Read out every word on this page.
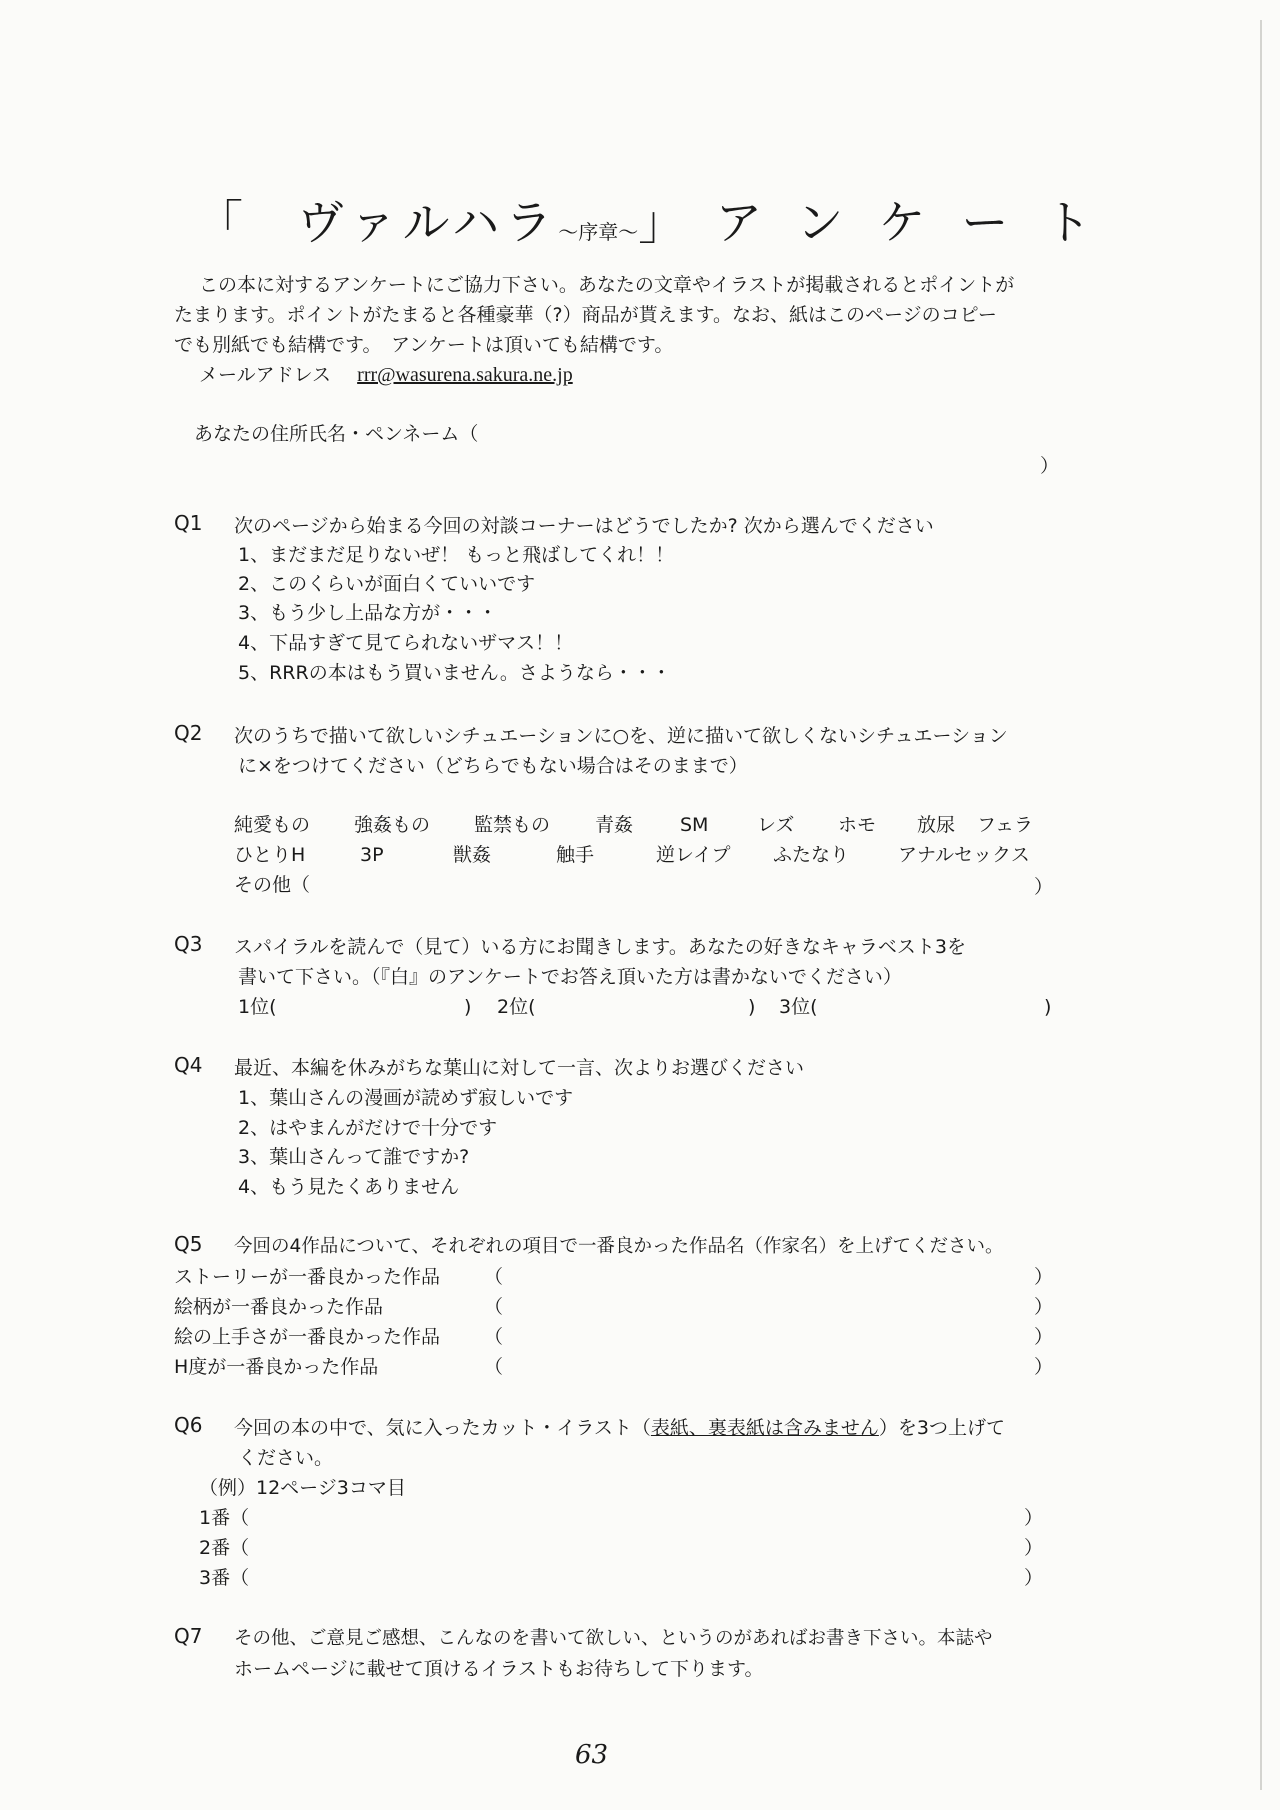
「 ヴァルハラ～序章～」 アンケート
この本に対するアンケートにご協力下さい。あなたの文章やイラストが掲載されるとポイントが
たまります。ポイントがたまると各種豪華（?）商品が貰えます。なお、紙はこのページのコピー
でも別紙でも結構です。　アンケートは頂いても結構です。
メールアドレス rrr@wasurena.sakura.ne.jp
あなたの住所氏名・ペンネーム（
）
Q1 次のページから始まる今回の対談コーナーはどうでしたか? 次から選んでください
1、まだまだ足りないぜ！ もっと飛ばしてくれ！！
2、このくらいが面白くていいです
3、もう少し上品な方が・・・
4、下品すぎて見てられないザマス！！
5、RRRの本はもう買いません。さようなら・・・
Q2 次のうちで描いて欲しいシチュエーションに○を、逆に描いて欲しくないシチュエーション
に×をつけてください（どちらでもない場合はそのままで）
純愛もの 強姦もの 監禁もの 青姦 SM	レズ ホモ 放尿 フェラ
ひとりH	3P	獣姦	触手	逆レイプ ふたなり	アナルセックス
その他（	）
Q3 スパイラルを読んで（見て）いる方にお聞きします。あなたの好きなキャラベスト3を
書いて下さい。（『白』のアンケートでお答え頂いた方は書かないでください）
1位(	) 2位(	) 3位(	)
Q4 最近、本編を休みがちな葉山に対して一言、次よりお選びください
1、葉山さんの漫画が読めず寂しいです
2、はやまんがだけで十分です
3、葉山さんって誰ですか?
4、もう見たくありません
Q5 今回の4作品について、それぞれの項目で一番良かった作品名（作家名）を上げてください。
ストーリーが一番良かった作品 （	）
絵柄が一番良かった作品	（	）
絵の上手さが一番良かった作品 （	）
H度が一番良かった作品	（	）
Q6 今回の本の中で、気に入ったカット・イラスト（表紙、裏表紙は含みません）を3つ上げて
ください。
（例）12ページ3コマ目
1番（	）
2番（	）
3番（	）
Q7 その他、ご意見ご感想、こんなのを書いて欲しい、というのがあればお書き下さい。本誌や
ホームページに載せて頂けるイラストもお待ちして下ります。
63
